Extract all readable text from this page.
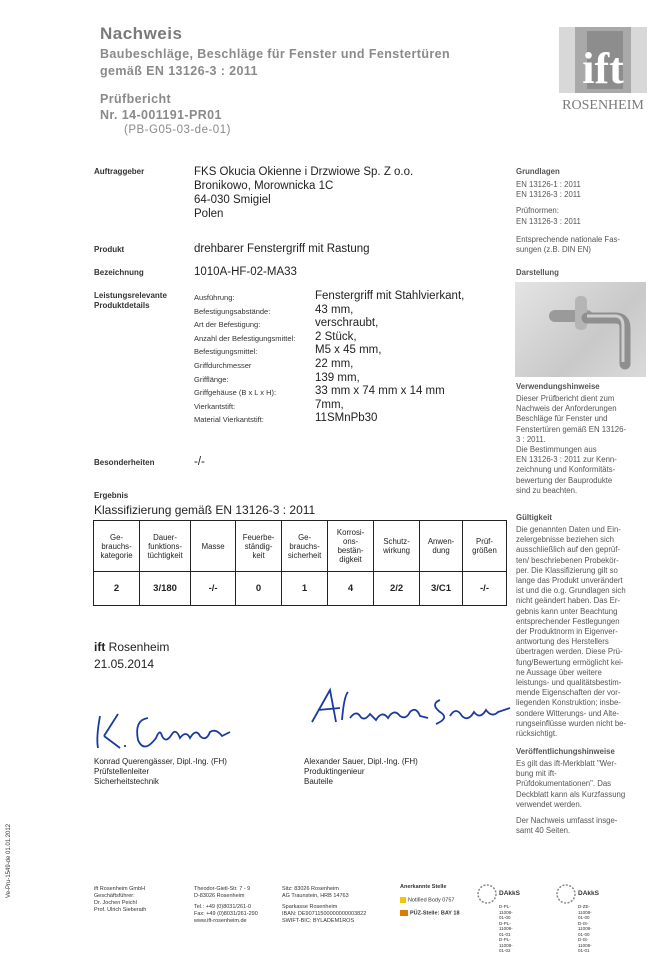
Nachweis
Baubeschläge, Beschläge für Fenster und Fenstertüren
gemäß EN 13126-3 : 2011
Prüfbericht
Nr. 14-001191-PR01
(PB-G05-03-de-01)
ift
ROSENHEIM
Auftraggeber	FKS Okucia Okienne i Drzwiowe Sp. Z o.o.
Bronikowo, Morownicka 1C
64-030 Smigiel
Polen
Produkt	drehbarer Fenstergriff mit Rastung
Bezeichnung	1010A-HF-02-MA33
Leistungsrelevante
Produktdetails
Ausführung:	Fenstergriff mit Stahlvierkant,
Befestigungsabstände:	43 mm,
Art der Befestigung:	verschraubt,
Anzahl der Befestigungsmittel: 2 Stück,
Befestigungsmittel:	M5 x 45 mm,
Griffdurchmesser	22 mm,
Grifflänge:	139 mm,
Griffgehäuse (B x L x H):	33 mm x 74 mm x 14 mm
Vierkantstift:	7mm,
Material Vierkantstift:	11SMnPb30
Besonderheiten	-/-
Ergebnis
Klassifizierung gemäß EN 13126-3 : 2011
Ge-
brauchs-
kategorie	Dauer-
funktions-
tüchtigkeit	Masse	Feuerbe-
ständig-
keit	Ge-
brauchs-
sicherheit	Korrosi-
ons-
bestän-
digkeit	Schutz-
wirkung	Anwen-
dung	Prüf-
größen
2	3/180	-/-	0	1	4	2/2	3/C1	-/-
ift Rosenheim
21.05.2014
Konrad Querengässer, Dipl.-Ing. (FH)
Prüfstellenleiter
Sicherheitstechnik
Alexander Sauer, Dipl.-Ing. (FH)
Produktingenieur
Bauteile
Grundlagen
EN 13126-1 : 2011
EN 13126-3 : 2011
Prüfnormen:
EN 13126-3 : 2011
Entsprechende nationale Fas-
sungen (z.B. DIN EN)
Darstellung
Verwendungshinweise
Dieser Prüfbericht dient zum
Nachweis der Anforderungen
Beschläge für Fenster und
Fenstertüren gemäß EN 13126-
3 : 2011.
Die Bestimmungen aus
EN 13126-3 : 2011 zur Kenn-
zeichnung und Konformitäts-
bewertung der Bauprodukte
sind zu beachten.
Gültigkeit
Die genannten Daten und Ein-
zelergebnisse beziehen sich
ausschließlich auf den geprüf-
ten/ beschriebenen Probekör-
per. Die Klassifizierung gilt so
lange das Produkt unverändert
ist und die o.g. Grundlagen sich
nicht geändert haben. Das Er-
gebnis kann unter Beachtung
entsprechender Festlegungen
der Produktnorm in Eigenver-
antwortung des Herstellers
übertragen werden. Diese Prü-
fung/Bewertung ermöglicht kei-
ne Aussage über weitere
leistungs- und qualitätsbestim-
mende Eigenschaften der vor-
liegenden Konstruktion; insbe-
sondere Witterungs- und Alte-
rungseinflüsse wurden nicht be-
rücksichtigt.
Veröffentlichungshinweise
Es gilt das ift-Merkblatt "Wer-
bung mit ift-
Prüfdokumentationen". Das
Deckblatt kann als Kurzfassung
verwendet werden.
Der Nachweis umfasst insge-
samt 40 Seiten.
Ve-Pru-1549-de 01.01.2012	ift Rosenheim GmbH
Geschäftsführer:
Dr. Jochen Peichl
Prof. Ulrich Sieberath
Theodor-Gietl-Str. 7 - 9
D-83026 Rosenheim
Tel.: +49 (0)8031/261-0
Fax: +49 (0)8031/261-290
www.ift-rosenheim.de
Sitz: 83026 Rosenheim
AG Traunstein, HRB 14763
Sparkasse Rosenheim
IBAN: DE90711500000000003822
SWIFT-BIC: BYLADEM1ROS
Anerkannte Stelle
Notified Body 0757
PÜZ-Stelle: BAY 18
DAkkS
D-PL-11008-01-00
D-PL-11008-01-01
D-PL-11008-01-02
DAkkS
D-ZE-11008-01-00
D-IS-11008-01-00
D-IS-11008-01-01
